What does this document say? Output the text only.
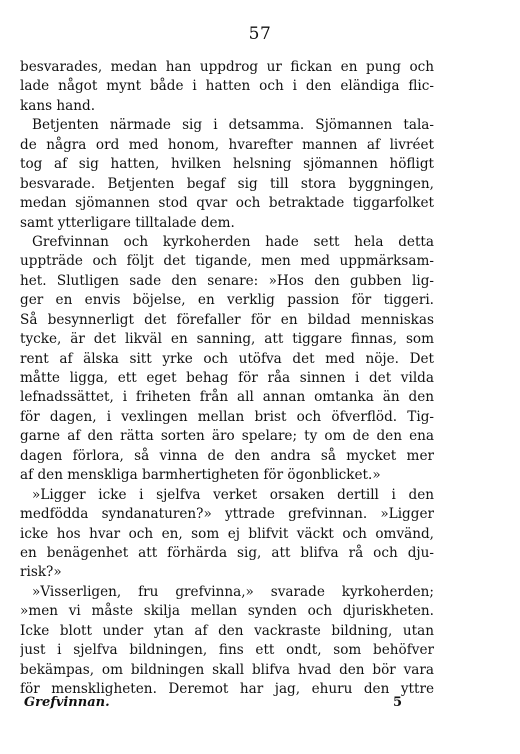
57
besvarades, medan han uppdrog ur fickan en pung och
lade något mynt både i hatten och i den eländiga flic-
kans hand.
Betjenten närmade sig i detsamma. Sjömannen tala-
de några ord med honom, hvarefter mannen af livréet
tog af sig hatten, hvilken helsning sjömannen höfligt
besvarade. Betjenten begaf sig till stora byggningen,
medan sjömannen stod qvar och betraktade tiggarfolket
samt ytterligare tilltalade dem.
Grefvinnan och kyrkoherden hade sett hela detta
uppträde och följt det tigande, men med uppmärksam-
het. Slutligen sade den senare: »Hos den gubben lig-
ger en envis böjelse, en verklig passion för tiggeri.
Så besynnerligt det förefaller för en bildad menniskas
tycke, är det likväl en sanning, att tiggare finnas, som
rent af älska sitt yrke och utöfva det med nöje. Det
måtte ligga, ett eget behag för råa sinnen i det vilda
lefnadssättet, i friheten från all annan omtanka än den
för dagen, i vexlingen mellan brist och öfverflöd. Tig-
garne af den rätta sorten äro spelare; ty om de den ena
dagen förlora, så vinna de den andra så mycket mer
af den menskliga barmhertigheten för ögonblicket.»
»Ligger icke i sjelfva verket orsaken dertill i den
medfödda syndanaturen?» yttrade grefvinnan. »Ligger
icke hos hvar och en, som ej blifvit väckt och omvänd,
en benägenhet att förhärda sig, att blifva rå och dju-
risk?»
»Visserligen, fru grefvinna,» svarade kyrkoherden;
»men vi måste skilja mellan synden och djuriskheten.
Icke blott under ytan af den vackraste bildning, utan
just i sjelfva bildningen, fins ett ondt, som behöfver
bekämpas, om bildningen skall blifva hvad den bör vara
för menskligheten. Deremot har jag, ehuru den yttre
Grefvinnan.	5
